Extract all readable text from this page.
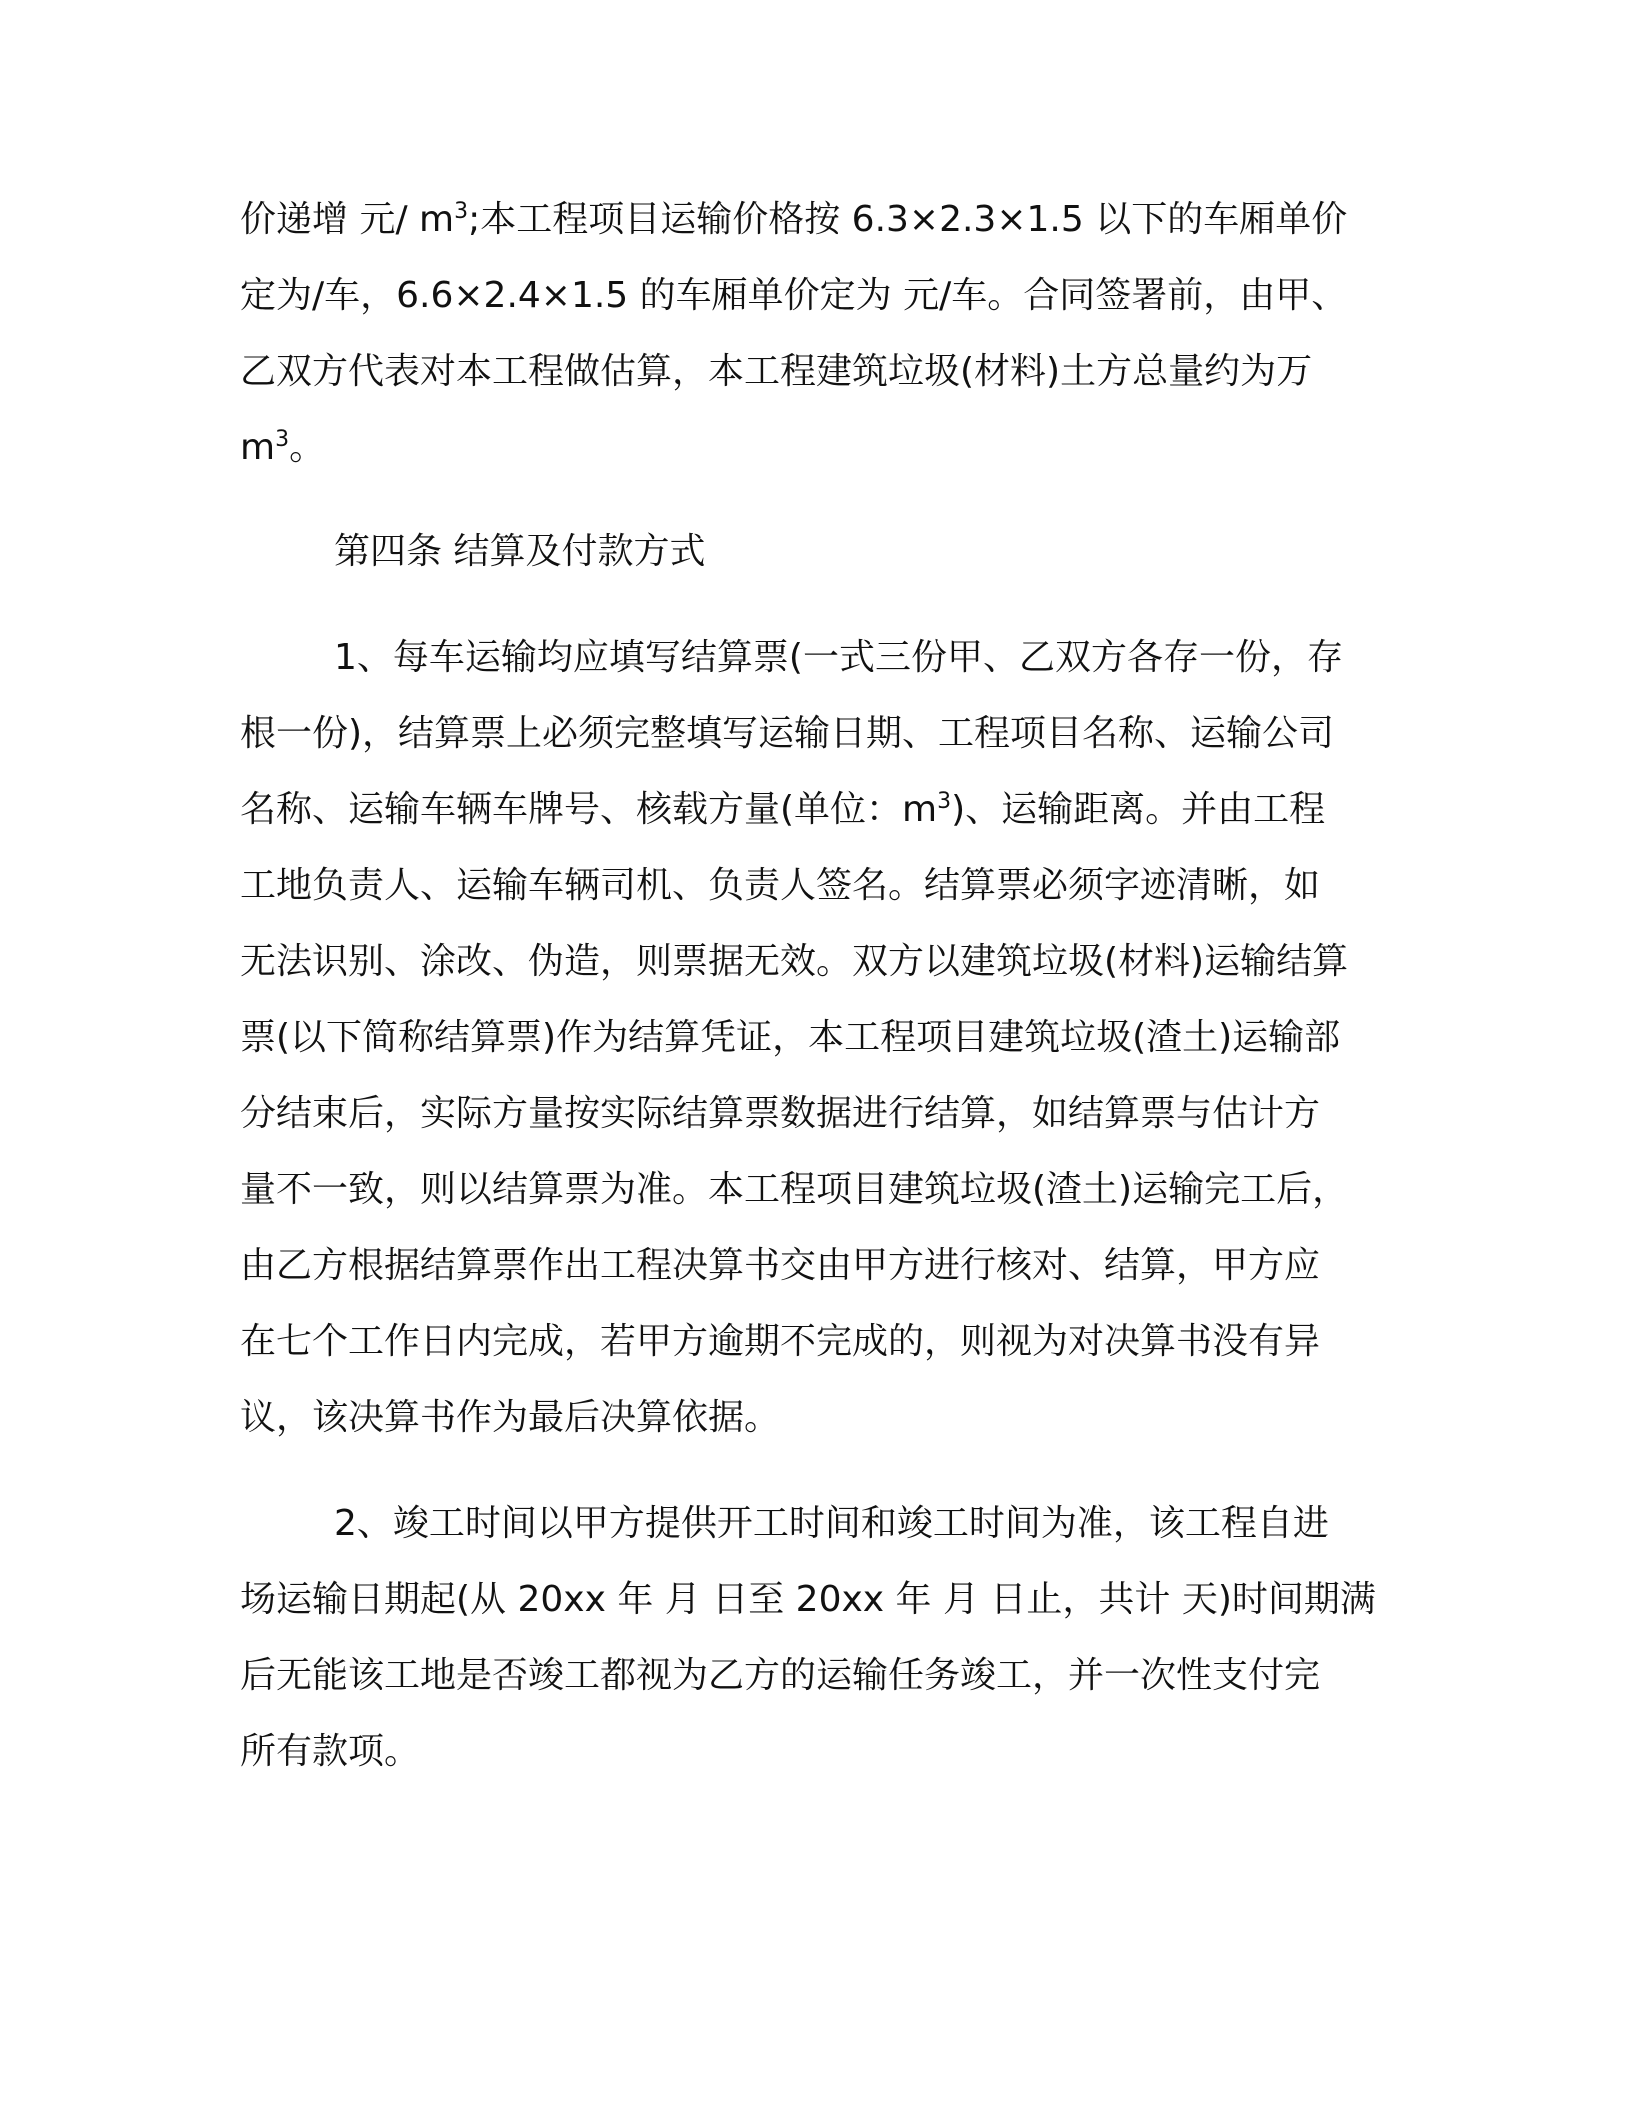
价递增 元/ $m^3$;本工程项目运输价格按 6.3×2.3×1.5 以下的车厢单价
定为/车，6.6×2.4×1.5 的车厢单价定为 元/车。合同签署前，由甲、
乙双方代表对本工程做估算，本工程建筑垃圾(材料)土方总量约为万
$m^3$。
第四条 结算及付款方式
1、每车运输均应填写结算票(一式三份甲、乙双方各存一份，存
根一份)，结算票上必须完整填写运输日期、工程项目名称、运输公司
名称、运输车辆车牌号、核载方量(单位：$m^3$)、运输距离。并由工程
工地负责人、运输车辆司机、负责人签名。结算票必须字迹清晰，如
无法识别、涂改、伪造，则票据无效。双方以建筑垃圾(材料)运输结算
票(以下简称结算票)作为结算凭证，本工程项目建筑垃圾(渣土)运输部
分结束后，实际方量按实际结算票数据进行结算，如结算票与估计方
量不一致，则以结算票为准。本工程项目建筑垃圾(渣土)运输完工后，
由乙方根据结算票作出工程决算书交由甲方进行核对、结算，甲方应
在七个工作日内完成，若甲方逾期不完成的，则视为对决算书没有异
议，该决算书作为最后决算依据。
2、竣工时间以甲方提供开工时间和竣工时间为准，该工程自进
场运输日期起(从 20xx 年 月 日至 20xx 年 月 日止，共计 天)时间期满
后无能该工地是否竣工都视为乙方的运输任务竣工，并一次性支付完
所有款项。
